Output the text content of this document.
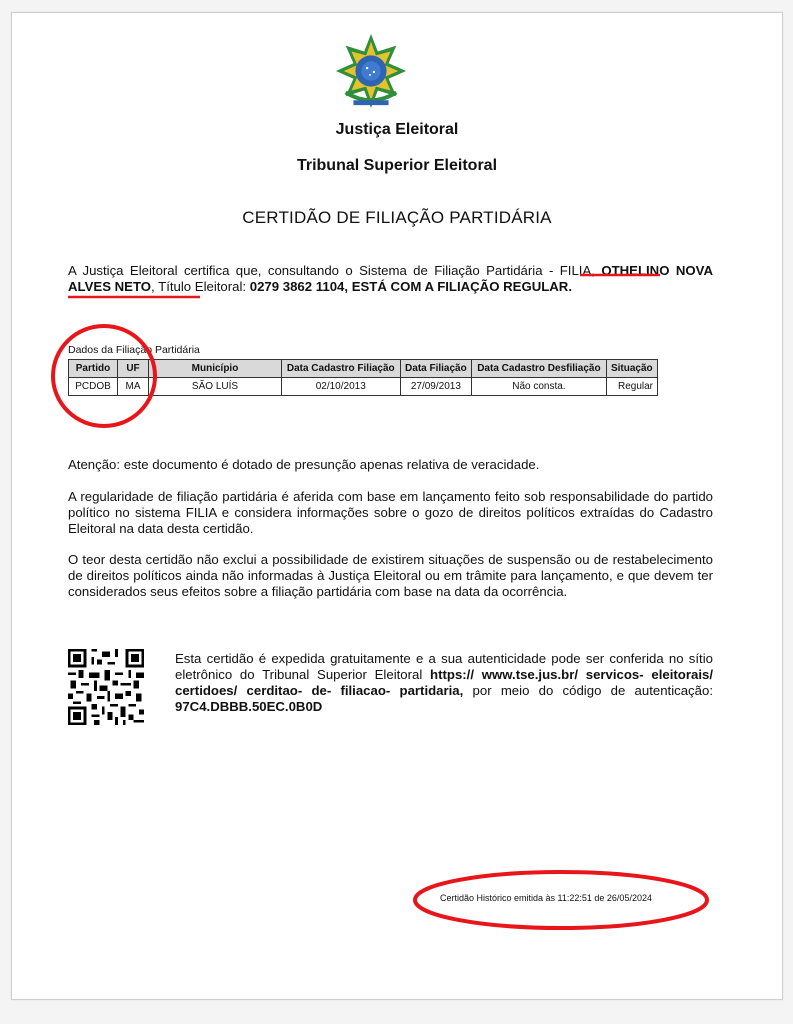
Justiça Eleitoral
Tribunal Superior Eleitoral
CERTIDÃO DE FILIAÇÃO PARTIDÁRIA

A Justiça Eleitoral certifica que, consultando o Sistema de Filiação Partidária - FILIA, OTHELINO NOVA ALVES NETO, Título Eleitoral: 0279 3862 1104, ESTÁ COM A FILIAÇÃO REGULAR.

Dados da Filiação Partidária
Partido	UF	Município	Data Cadastro Filiação	Data Filiação	Data Cadastro Desfiliação	Situação
PCDOB	MA	SÃO LUÍS	02/10/2013	27/09/2013	Não consta.	Regular

Atenção: este documento é dotado de presunção apenas relativa de veracidade.

A regularidade de filiação partidária é aferida com base em lançamento feito sob responsabilidade do partido político no sistema FILIA e considera informações sobre o gozo de direitos políticos extraídas do Cadastro Eleitoral na data desta certidão.

O teor desta certidão não exclui a possibilidade de existirem situações de suspensão ou de restabelecimento de direitos políticos ainda não informadas à Justiça Eleitoral ou em trâmite para lançamento, e que devem ter considerados seus efeitos sobre a filiação partidária com base na data da ocorrência.

Esta certidão é expedida gratuitamente e a sua autenticidade pode ser conferida no sítio eletrônico do Tribunal Superior Eleitoral https:// www.tse.jus.br/ servicos- eleitorais/ certidoes/ cerditao- de- filiacao- partidaria, por meio do código de autenticação: 97C4.DBBB.50EC.0B0D

Certidão Histórico emitida às 11:22:51 de 26/05/2024
